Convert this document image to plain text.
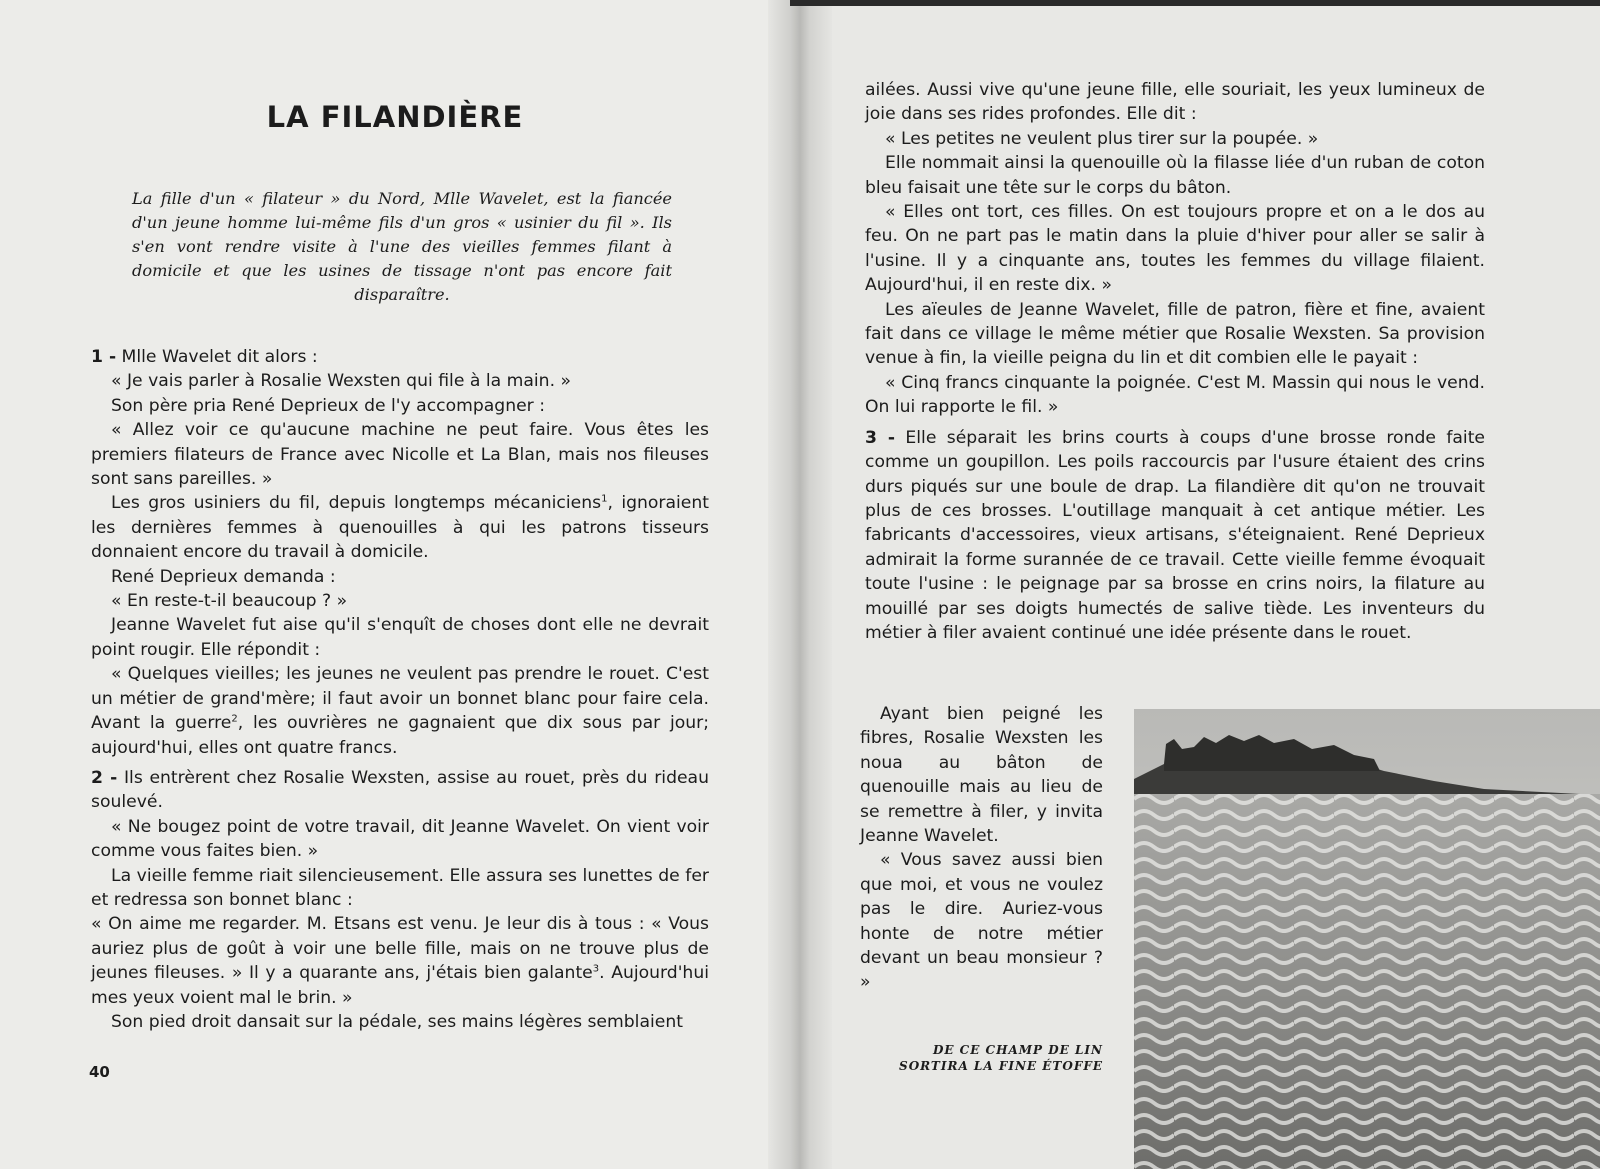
LA FILANDIÈRE
La fille d'un « filateur » du Nord, Mlle Wavelet, est la fiancée d'un jeune homme lui-même fils d'un gros « usinier du fil ». Ils s'en vont rendre visite à l'une des vieilles femmes filant à domicile et que les usines de tissage n'ont pas encore fait disparaître.

1 - Mlle Wavelet dit alors :

« Je vais parler à Rosalie Wexsten qui file à la main. »

Son père pria René Deprieux de l'y accompagner :

« Allez voir ce qu'aucune machine ne peut faire. Vous êtes les premiers filateurs de France avec Nicolle et La Blan, mais nos fileuses sont sans pareilles. »

Les gros usiniers du fil, depuis longtemps mécaniciens$^1$, ignoraient les dernières femmes à quenouilles à qui les patrons tisseurs donnaient encore du travail à domicile.

René Deprieux demanda :

« En reste-t-il beaucoup ? »

Jeanne Wavelet fut aise qu'il s'enquît de choses dont elle ne devrait point rougir. Elle répondit :

« Quelques vieilles; les jeunes ne veulent pas prendre le rouet. C'est un métier de grand'mère; il faut avoir un bonnet blanc pour faire cela. Avant la guerre$^2$, les ouvrières ne gagnaient que dix sous par jour; aujourd'hui, elles ont quatre francs.

2 - Ils entrèrent chez Rosalie Wexsten, assise au rouet, près du rideau soulevé.

« Ne bougez point de votre travail, dit Jeanne Wavelet. On vient voir comme vous faites bien. »

La vieille femme riait silencieusement. Elle assura ses lunettes de fer et redressa son bonnet blanc :

« On aime me regarder. M. Etsans est venu. Je leur dis à tous : « Vous auriez plus de goût à voir une belle fille, mais on ne trouve plus de jeunes fileuses. » Il y a quarante ans, j'étais bien galante$^3$. Aujourd'hui mes yeux voient mal le brin. »

Son pied droit dansait sur la pédale, ses mains légères semblaient

40

ailées. Aussi vive qu'une jeune fille, elle souriait, les yeux lumineux de joie dans ses rides profondes. Elle dit :

« Les petites ne veulent plus tirer sur la poupée. »

Elle nommait ainsi la quenouille où la filasse liée d'un ruban de coton bleu faisait une tête sur le corps du bâton.

« Elles ont tort, ces filles. On est toujours propre et on a le dos au feu. On ne part pas le matin dans la pluie d'hiver pour aller se salir à l'usine. Il y a cinquante ans, toutes les femmes du village filaient. Aujourd'hui, il en reste dix. »

Les aïeules de Jeanne Wavelet, fille de patron, fière et fine, avaient fait dans ce village le même métier que Rosalie Wexsten. Sa provision venue à fin, la vieille peigna du lin et dit combien elle le payait :

« Cinq francs cinquante la poignée. C'est M. Massin qui nous le vend. On lui rapporte le fil. »

3 - Elle séparait les brins courts à coups d'une brosse ronde faite comme un goupillon. Les poils raccourcis par l'usure étaient des crins durs piqués sur une boule de drap. La filandière dit qu'on ne trouvait plus de ces brosses. L'outillage manquait à cet antique métier. Les fabricants d'accessoires, vieux artisans, s'éteignaient. René Deprieux admirait la forme surannée de ce travail. Cette vieille femme évoquait toute l'usine : le peignage par sa brosse en crins noirs, la filature au mouillé par ses doigts humectés de salive tiède. Les inventeurs du métier à filer avaient continué une idée présente dans le rouet.

Ayant bien peigné les fibres, Rosalie Wexsten les noua au bâton de quenouille mais au lieu de se remettre à filer, y invita Jeanne Wavelet.

« Vous savez aussi bien que moi, et vous ne voulez pas le dire. Auriez-vous honte de notre métier devant un beau monsieur ? »

DE CE CHAMP DE LIN SORTIRA LA FINE ÉTOFFE
